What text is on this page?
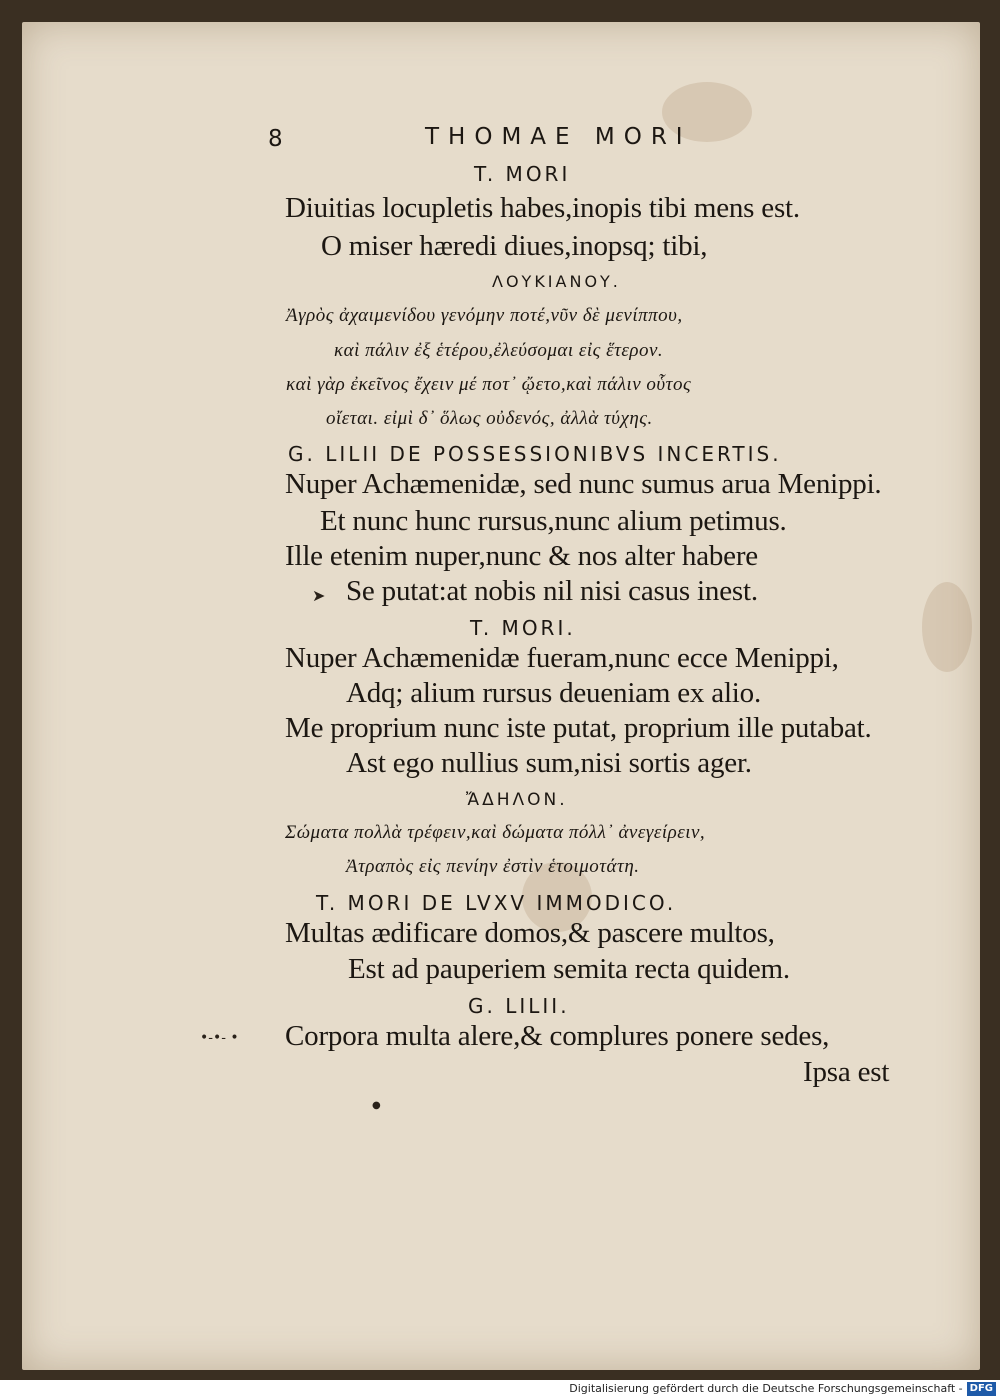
8	THOMAE MORI
T. MORI
Diuitias locupletis habes,inopis tibi mens est.
O miser hæredi diues,inopsq; tibi,
ΛΟΥΚΙΑΝΟΥ.
Ἀγρὸς ἀχαιμενίδου γενόμην ποτέ,νῦν δὲ μενίππου,
καὶ πάλιν ἐξ ἑτέρου,ἐλεύσομαι εἰς ἕτερον.
καὶ γὰρ ἐκεῖνος ἔχειν μέ ποτ᾽ ᾤετο,καὶ πάλιν οὗτος
οἴεται. εἰμὶ δ᾽ ὅλως οὐδενός, ἀλλὰ τύχης.
G. LILII DE POSSESSIONIBVS INCERTIS.
Nuper Achæmenidæ, sed nunc sumus arua Menippi.
Et nunc hunc rursus,nunc alium petimus.
Ille etenim nuper,nunc & nos alter habere
➤ Se putat:at nobis nil nisi casus inest.
T. MORI.
Nuper Achæmenidæ fueram,nunc ecce Menippi,
Adq; alium rursus deueniam ex alio.
Me proprium nunc iste putat, proprium ille putabat.
Ast ego nullius sum,nisi sortis ager.
ἌΔΗΛΟΝ.
Σώματα πολλὰ τρέφειν,καὶ δώματα πόλλ᾽ ἀνεγείρειν,
Ἀτραπὸς εἰς πενίην ἐστὶν ἑτοιμοτάτη.
T. MORI DE LVXV IMMODICO.
Multas ædificare domos,& pascere multos,
Est ad pauperiem semita recta quidem.
G. LILII.
Corpora multa alere,& complures ponere sedes,
Ipsa est
•-•- •
●
Digitalisierung gefördert durch die Deutsche Forschungsgemeinschaft - DFG
